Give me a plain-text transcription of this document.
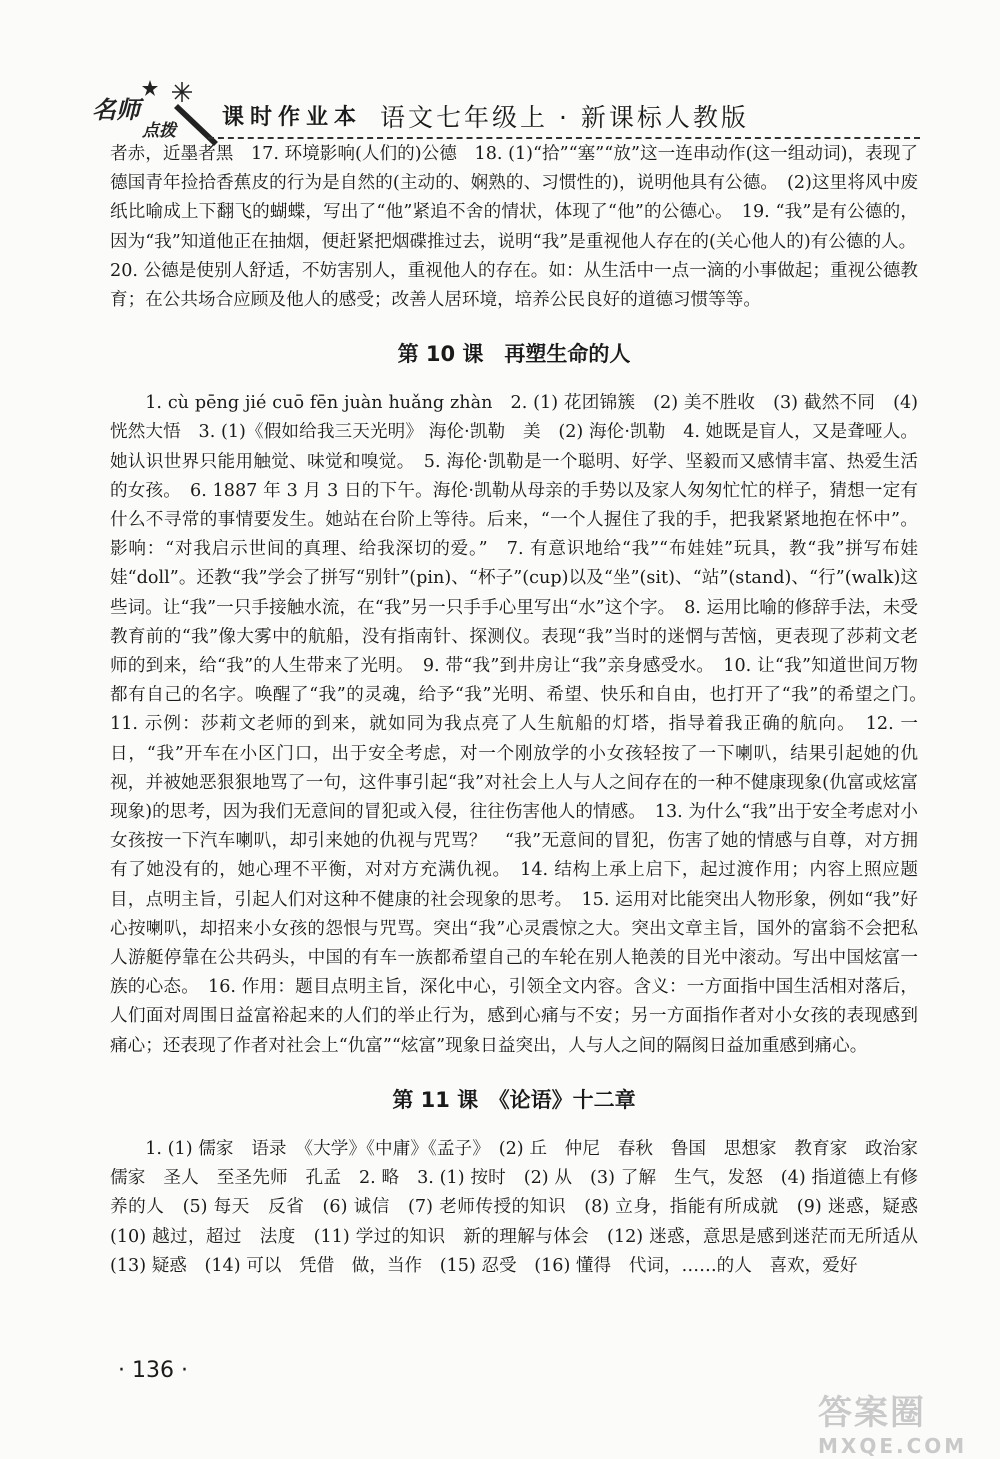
名师
点拨
课时作业本 语文七年级上 · 新课标人教版

者赤，近墨者黑　17. 环境影响(人们的)公德　18. (1)“拾”“塞”“放”这一连串动作(这一组动词)，表现了德国青年捡拾香蕉皮的行为是自然的(主动的、娴熟的、习惯性的)，说明他具有公德。　(2)这里将风中废纸比喻成上下翻飞的蝴蝶，写出了“他”紧追不舍的情状，体现了“他”的公德心。　19. “我”是有公德的，因为“我”知道他正在抽烟，便赶紧把烟碟推过去，说明“我”是重视他人存在的(关心他人的)有公德的人。

20. 公德是使别人舒适，不妨害别人，重视他人的存在。如：从生活中一点一滴的小事做起；重视公德教育；在公共场合应顾及他人的感受；改善人居环境，培养公民良好的道德习惯等等。

第 10 课　再塑生命的人

1. cù pēng jié cuō fēn juàn huǎng zhàn　2. (1) 花团锦簇　(2) 美不胜收　(3) 截然不同　(4) 恍然大悟　3. (1)《假如给我三天光明》 海伦·凯勒　美　(2) 海伦·凯勒　4. 她既是盲人，又是聋哑人。她认识世界只能用触觉、味觉和嗅觉。　5. 海伦·凯勒是一个聪明、好学、坚毅而又感情丰富、热爱生活的女孩。　6. 1887 年 3 月 3 日的下午。海伦·凯勒从母亲的手势以及家人匆匆忙忙的样子，猜想一定有什么不寻常的事情要发生。她站在台阶上等待。后来，“一个人握住了我的手，把我紧紧地抱在怀中”。影响：“对我启示世间的真理、给我深切的爱。”　7. 有意识地给“我”“布娃娃”玩具，教“我”拼写布娃娃“doll”。还教“我”学会了拼写“别针”(pin)、“杯子”(cup)以及“坐”(sit)、“站”(stand)、“行”(walk)这些词。让“我”一只手接触水流，在“我”另一只手手心里写出“水”这个字。　8. 运用比喻的修辞手法，未受教育前的“我”像大雾中的航船，没有指南针、探测仪。表现“我”当时的迷惘与苦恼，更表现了莎莉文老师的到来，给“我”的人生带来了光明。　9. 带“我”到井房让“我”亲身感受水。　10. 让“我”知道世间万物都有自己的名字。唤醒了“我”的灵魂，给予“我”光明、希望、快乐和自由，也打开了“我”的希望之门。　11. 示例：莎莉文老师的到来，就如同为我点亮了人生航船的灯塔，指导着我正确的航向。　12. 一日，“我”开车在小区门口，出于安全考虑，对一个刚放学的小女孩轻按了一下喇叭，结果引起她的仇视，并被她恶狠狠地骂了一句，这件事引起“我”对社会上人与人之间存在的一种不健康现象(仇富或炫富现象)的思考，因为我们无意间的冒犯或入侵，往往伤害他人的情感。　13. 为什么“我”出于安全考虑对小女孩按一下汽车喇叭，却引来她的仇视与咒骂？　“我”无意间的冒犯，伤害了她的情感与自尊，对方拥有了她没有的，她心理不平衡，对对方充满仇视。　14. 结构上承上启下，起过渡作用；内容上照应题目，点明主旨，引起人们对这种不健康的社会现象的思考。　15. 运用对比能突出人物形象，例如“我”好心按喇叭，却招来小女孩的怨恨与咒骂。突出“我”心灵震惊之大。突出文章主旨，国外的富翁不会把私人游艇停靠在公共码头，中国的有车一族都希望自己的车轮在别人艳羡的目光中滚动。写出中国炫富一族的心态。　16. 作用：题目点明主旨，深化中心，引领全文内容。含义：一方面指中国生活相对落后，人们面对周围日益富裕起来的人们的举止行为，感到心痛与不安；另一方面指作者对小女孩的表现感到痛心；还表现了作者对社会上“仇富”“炫富”现象日益突出，人与人之间的隔阂日益加重感到痛心。

第 11 课　《论语》十二章

1. (1) 儒家　语录　《大学》《中庸》《孟子》　(2) 丘　仲尼　春秋　鲁国　思想家　教育家　政治家　儒家　圣人　至圣先师　孔孟　2. 略　3. (1) 按时　(2) 从　(3) 了解　生气，发怒　(4) 指道德上有修养的人　(5) 每天　反省　(6) 诚信　(7) 老师传授的知识　(8) 立身，指能有所成就　(9) 迷惑，疑惑　(10) 越过，超过　法度　(11) 学过的知识　新的理解与体会　(12) 迷惑，意思是感到迷茫而无所适从　(13) 疑惑　(14) 可以　凭借　做，当作　(15) 忍受　(16) 懂得　代词，……的人　喜欢，爱好

· 136 ·
答案圈
MXQE.COM
